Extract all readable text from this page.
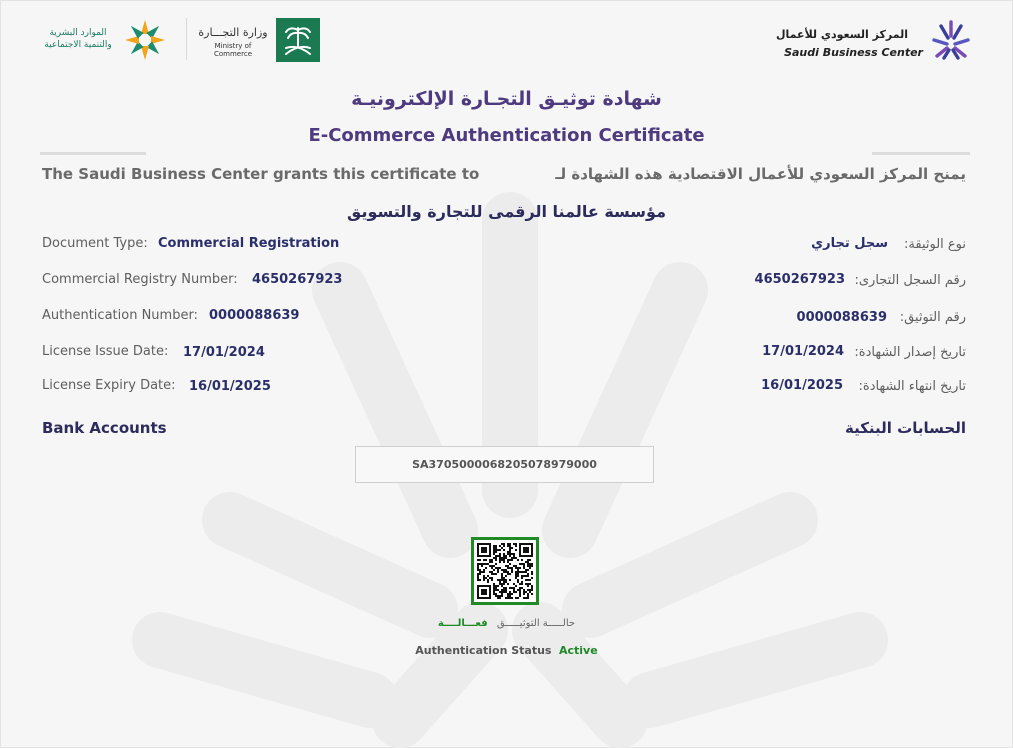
المركز السعودي للأعمال
Saudi Business Center
الموارد البشرية
والتنمية الاجتماعية
وزارة التجـــارة
Ministry of Commerce
شهادة توثيـق التجـارة الإلكترونيـة
E-Commerce Authentication Certificate
The Saudi Business Center grants this certificate to	يمنح المركز السعودي للأعمال الاقتصادية هذه الشهادة لـ
مؤسسة عالمنا الرقمى للتجارة والتسويق
Document Type: Commercial Registration
Commercial Registry Number: 4650267923
Authentication Number: 0000088639
License Issue Date: 17/01/2024
License Expiry Date: 16/01/2025
نوع الوثيقة:
سجل تجاري
رقم السجل التجارى:
4650267923
رقم التوثيق:
0000088639
تاريخ إصدار الشهادة:
17/01/2024
تاريخ انتهاء الشهادة:
16/01/2025
Bank Accounts	الحسابات البنكية
SA3705000068205078979000
حالـــــة التوثيـــــق فعـــالــــة
Authentication Status Active
